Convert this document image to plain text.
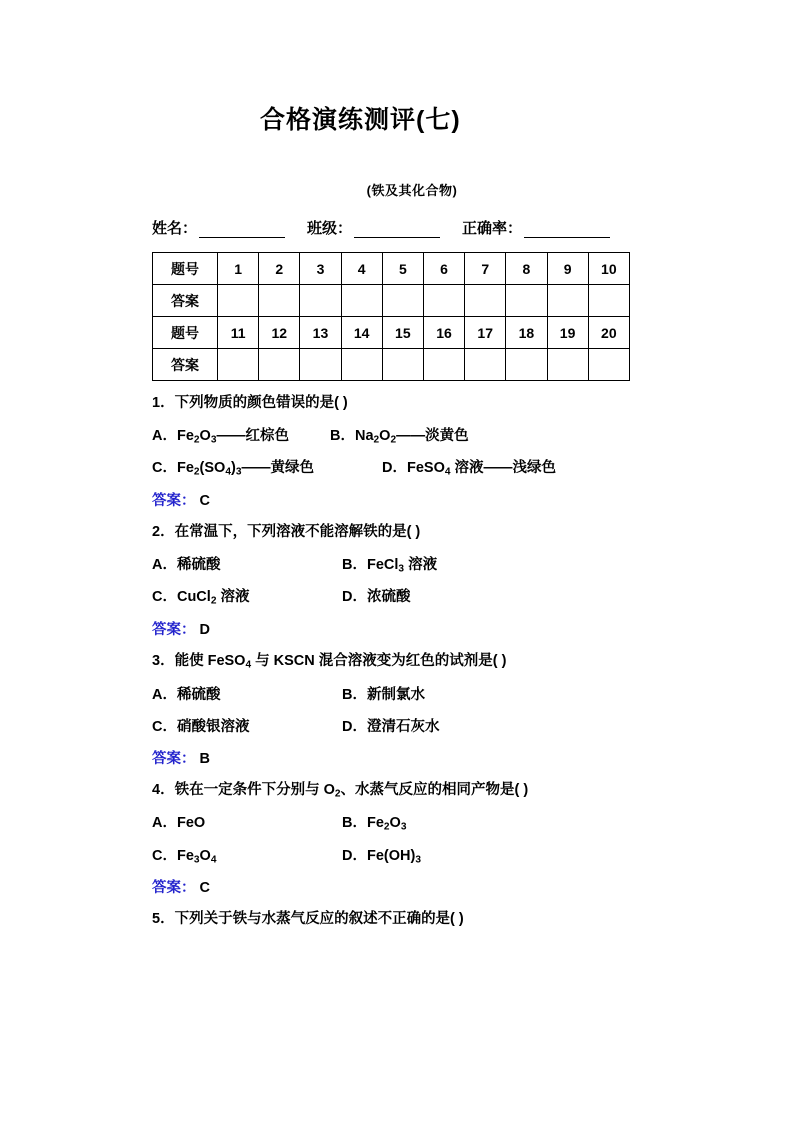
合格演练测评(七)
(铁及其化合物)
姓名：	班级：	正确率：
题号	1	2	3	4	5	6	7	8	9	10
答案										
题号	11	12	13	14	15	16	17	18	19	20
答案										
1．下列物质的颜色错误的是( )
A．$Fe_2O_3——$红棕色	B．$Na_2O_2——$淡黄色
C．$Fe_2(SO_4)_3——$黄绿色	D．FeSO$_4$ 溶液——浅绿色
答案： C
2．在常温下，下列溶液不能溶解铁的是( )
A．稀硫酸	B．FeCl$_3$ 溶液
C．CuCl$_2$ 溶液	D．浓硫酸
答案： D
3．能使 FeSO$_4$ 与 KSCN 混合溶液变为红色的试剂是( )
A．稀硫酸	B．新制氯水
C．硝酸银溶液	D．澄清石灰水
答案： B
4．铁在一定条件下分别与 $O_2$、水蒸气反应的相同产物是( )
A．FeO	B．$Fe_2O_3$
C．$Fe_3O_4$	D．$Fe(OH)_3$
答案： C
5．下列关于铁与水蒸气反应的叙述不正确的是( )
